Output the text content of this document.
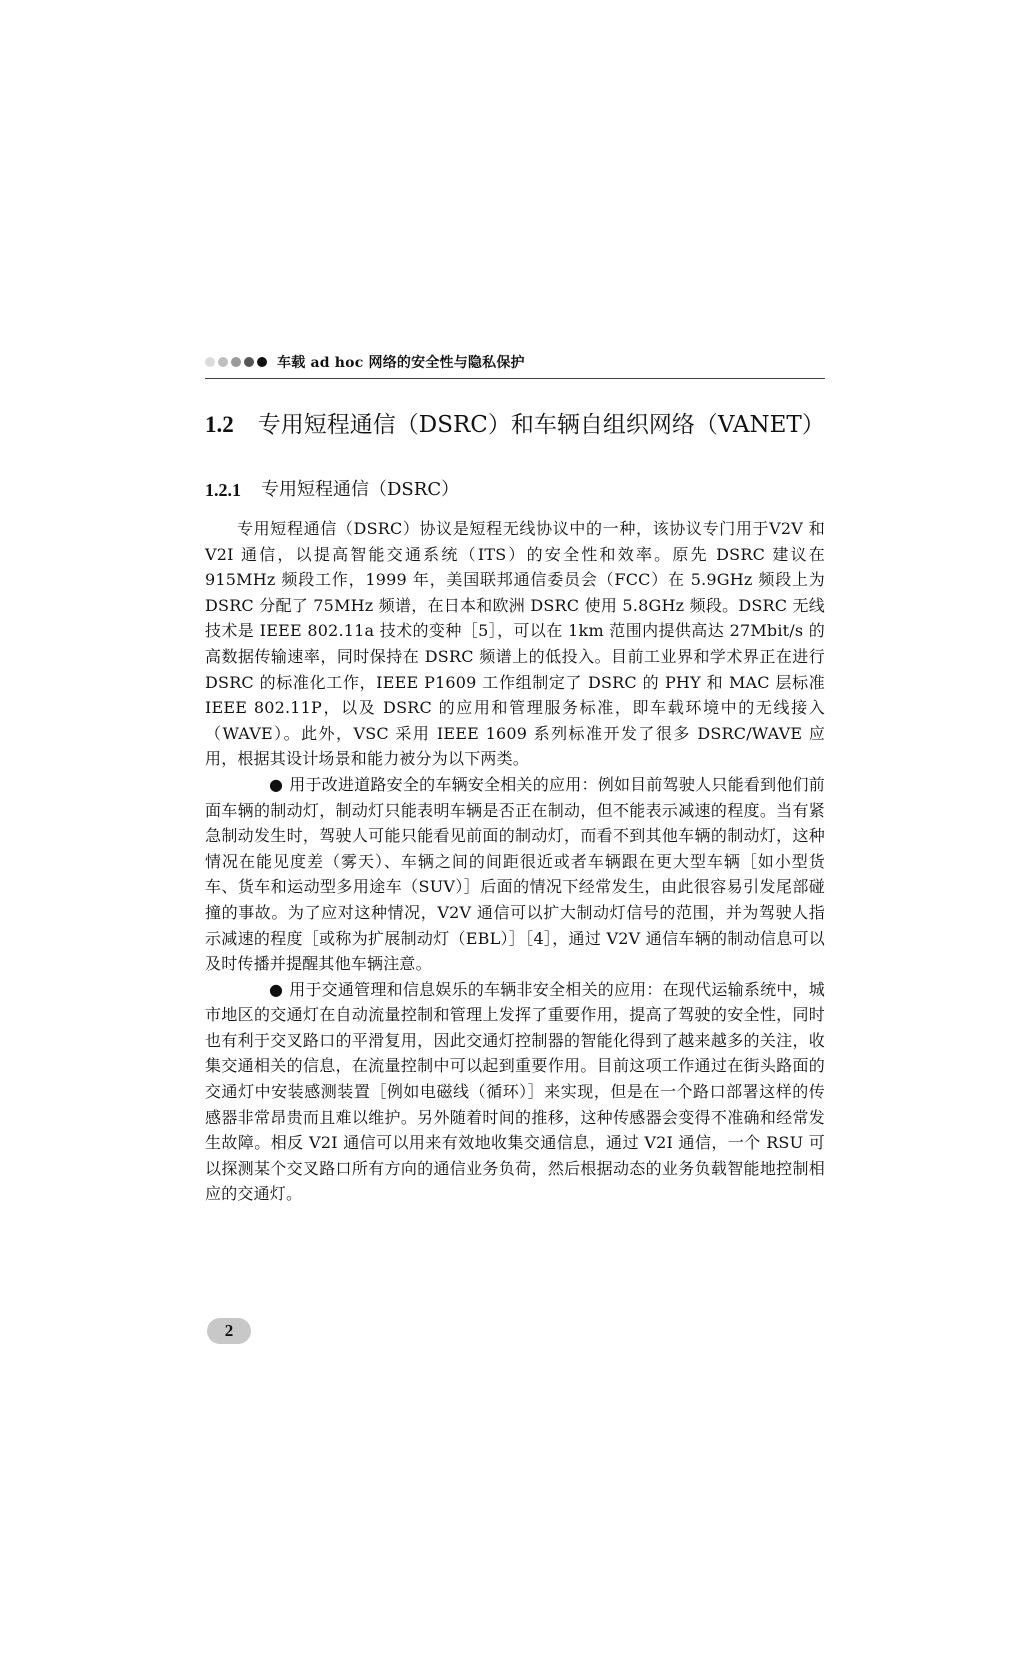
车载 ad hoc 网络的安全性与隐私保护
1.2 专用短程通信（DSRC）和车辆自组织网络（VANET）
1.2.1 专用短程通信（DSRC）

专用短程通信（DSRC）协议是短程无线协议中的一种，该协议专门用于V2V 和 V2I 通信，以提高智能交通系统（ITS）的安全性和效率。原先 DSRC 建议在 915MHz 频段工作，1999 年，美国联邦通信委员会（FCC）在 5.9GHz 频段上为 DSRC 分配了 75MHz 频谱，在日本和欧洲 DSRC 使用 5.8GHz 频段。DSRC 无线技术是 IEEE 802.11a 技术的变种［5］，可以在 1km 范围内提供高达 27Mbit/s 的高数据传输速率，同时保持在 DSRC 频谱上的低投入。目前工业界和学术界正在进行 DSRC 的标准化工作，IEEE P1609 工作组制定了 DSRC 的 PHY 和 MAC 层标准 IEEE 802.11P，以及 DSRC 的应用和管理服务标准，即车载环境中的无线接入（WAVE）。此外，VSC 采用 IEEE 1609 系列标准开发了很多 DSRC/WAVE 应用，根据其设计场景和能力被分为以下两类。

● 用于改进道路安全的车辆安全相关的应用：例如目前驾驶人只能看到他们前面车辆的制动灯，制动灯只能表明车辆是否正在制动，但不能表示减速的程度。当有紧急制动发生时，驾驶人可能只能看见前面的制动灯，而看不到其他车辆的制动灯，这种情况在能见度差（雾天）、车辆之间的间距很近或者车辆跟在更大型车辆［如小型货车、货车和运动型多用途车（SUV）］后面的情况下经常发生，由此很容易引发尾部碰撞的事故。为了应对这种情况，V2V 通信可以扩大制动灯信号的范围，并为驾驶人指示减速的程度［或称为扩展制动灯（EBL）］［4］，通过 V2V 通信车辆的制动信息可以及时传播并提醒其他车辆注意。

● 用于交通管理和信息娱乐的车辆非安全相关的应用：在现代运输系统中，城市地区的交通灯在自动流量控制和管理上发挥了重要作用，提高了驾驶的安全性，同时也有利于交叉路口的平滑复用，因此交通灯控制器的智能化得到了越来越多的关注，收集交通相关的信息，在流量控制中可以起到重要作用。目前这项工作通过在街头路面的交通灯中安装感测装置［例如电磁线（循环）］来实现，但是在一个路口部署这样的传感器非常昂贵而且难以维护。另外随着时间的推移，这种传感器会变得不准确和经常发生故障。相反 V2I 通信可以用来有效地收集交通信息，通过 V2I 通信，一个 RSU 可以探测某个交叉路口所有方向的通信业务负荷，然后根据动态的业务负载智能地控制相应的交通灯。

2
